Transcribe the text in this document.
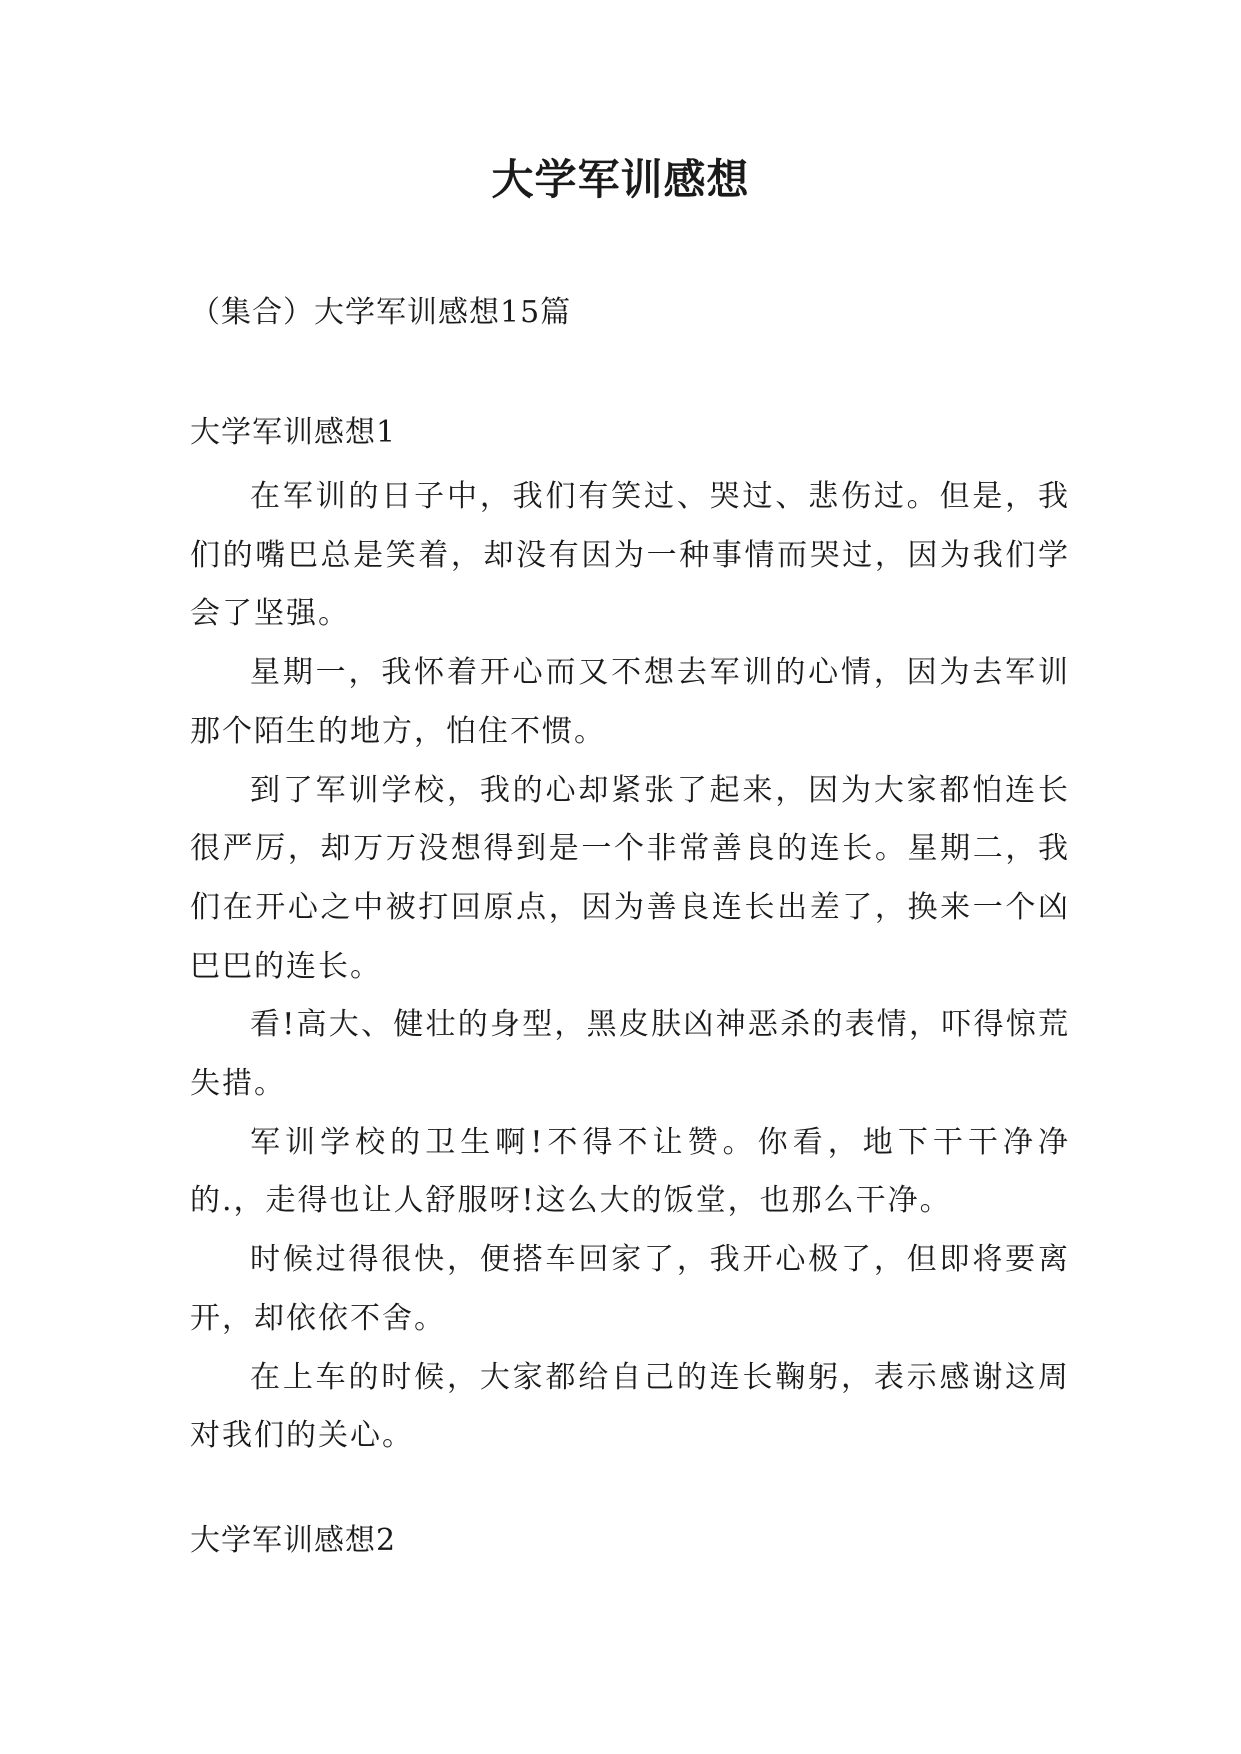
大学军训感想

（集合）大学军训感想15篇

大学军训感想1

在军训的日子中，我们有笑过、哭过、悲伤过。但是，我们的嘴巴总是笑着，却没有因为一种事情而哭过，因为我们学会了坚强。

星期一，我怀着开心而又不想去军训的心情，因为去军训那个陌生的地方，怕住不惯。

到了军训学校，我的心却紧张了起来，因为大家都怕连长很严厉，却万万没想得到是一个非常善良的连长。星期二，我们在开心之中被打回原点，因为善良连长出差了，换来一个凶巴巴的连长。

看!高大、健壮的身型，黑皮肤凶神恶杀的表情，吓得惊荒失措。

军训学校的卫生啊!不得不让赞。你看，地下干干净净的.，走得也让人舒服呀!这么大的饭堂，也那么干净。

时候过得很快，便搭车回家了，我开心极了，但即将要离开，却依依不舍。

在上车的时候，大家都给自己的连长鞠躬，表示感谢这周对我们的关心。

大学军训感想2
